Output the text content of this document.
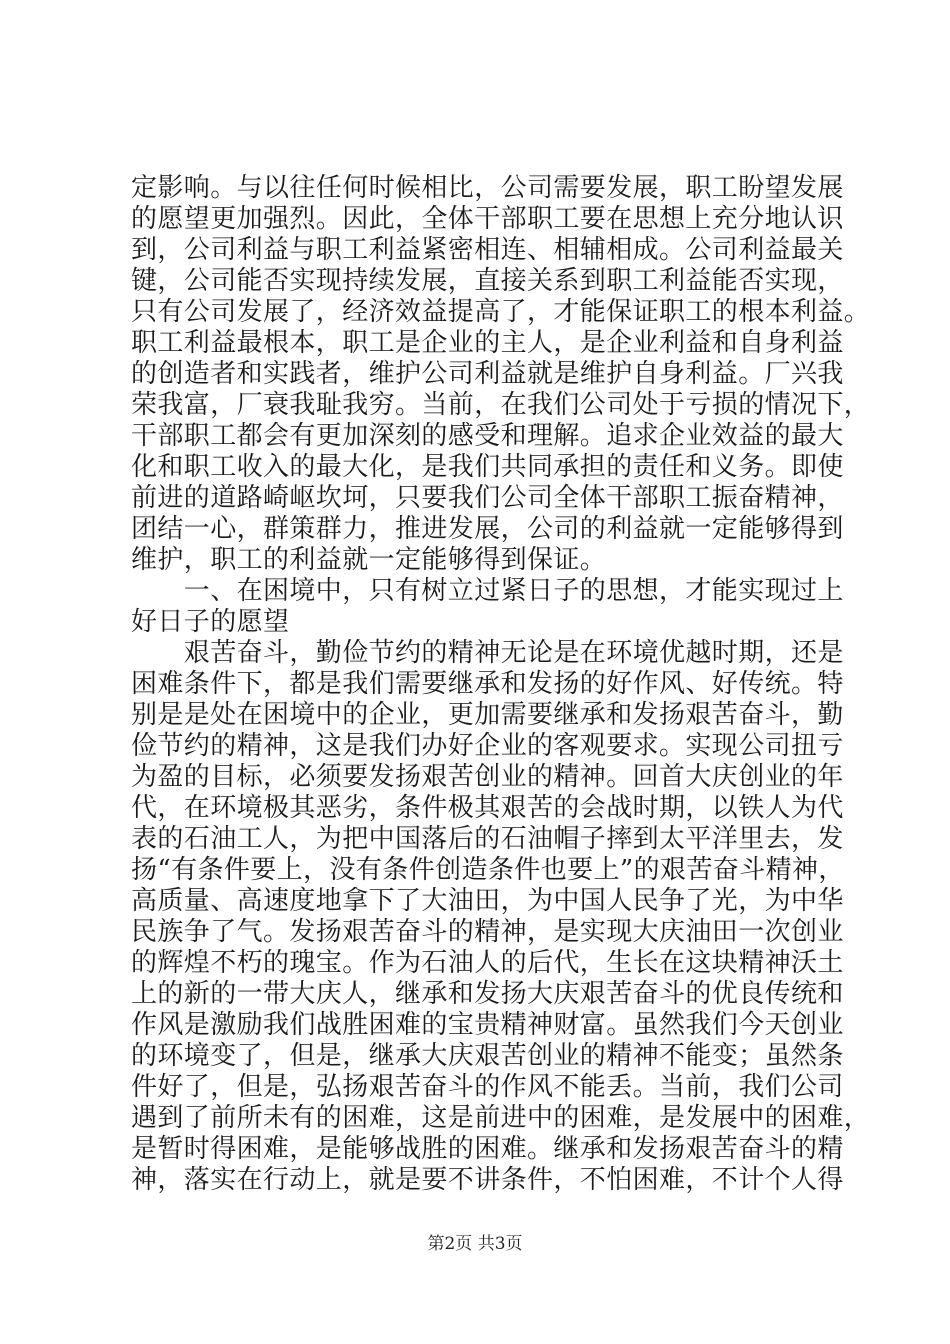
定影响。与以往任何时候相比，公司需要发展，职工盼望发展
的愿望更加强烈。因此，全体干部职工要在思想上充分地认识
到，公司利益与职工利益紧密相连、相辅相成。公司利益最关
键，公司能否实现持续发展，直接关系到职工利益能否实现，
只有公司发展了，经济效益提高了，才能保证职工的根本利益。
职工利益最根本，职工是企业的主人，是企业利益和自身利益
的创造者和实践者，维护公司利益就是维护自身利益。厂兴我
荣我富，厂衰我耻我穷。当前，在我们公司处于亏损的情况下，
干部职工都会有更加深刻的感受和理解。追求企业效益的最大
化和职工收入的最大化，是我们共同承担的责任和义务。即使
前进的道路崎岖坎坷，只要我们公司全体干部职工振奋精神，
团结一心，群策群力，推进发展，公司的利益就一定能够得到
维护，职工的利益就一定能够得到保证。
　　一、在困境中，只有树立过紧日子的思想，才能实现过上
好日子的愿望
　　艰苦奋斗，勤俭节约的精神无论是在环境优越时期，还是
困难条件下，都是我们需要继承和发扬的好作风、好传统。特
别是是处在困境中的企业，更加需要继承和发扬艰苦奋斗，勤
俭节约的精神，这是我们办好企业的客观要求。实现公司扭亏
为盈的目标，必须要发扬艰苦创业的精神。回首大庆创业的年
代，在环境极其恶劣，条件极其艰苦的会战时期，以铁人为代
表的石油工人，为把中国落后的石油帽子摔到太平洋里去，发
扬“有条件要上，没有条件创造条件也要上”的艰苦奋斗精神，
高质量、高速度地拿下了大油田，为中国人民争了光，为中华
民族争了气。发扬艰苦奋斗的精神，是实现大庆油田一次创业
的辉煌不朽的瑰宝。作为石油人的后代，生长在这块精神沃土
上的新的一带大庆人，继承和发扬大庆艰苦奋斗的优良传统和
作风是激励我们战胜困难的宝贵精神财富。虽然我们今天创业
的环境变了，但是，继承大庆艰苦创业的精神不能变；虽然条
件好了，但是，弘扬艰苦奋斗的作风不能丢。当前，我们公司
遇到了前所未有的困难，这是前进中的困难，是发展中的困难，
是暂时得困难，是能够战胜的困难。继承和发扬艰苦奋斗的精
神，落实在行动上，就是要不讲条件，不怕困难，不计个人得
第2页 共3页
